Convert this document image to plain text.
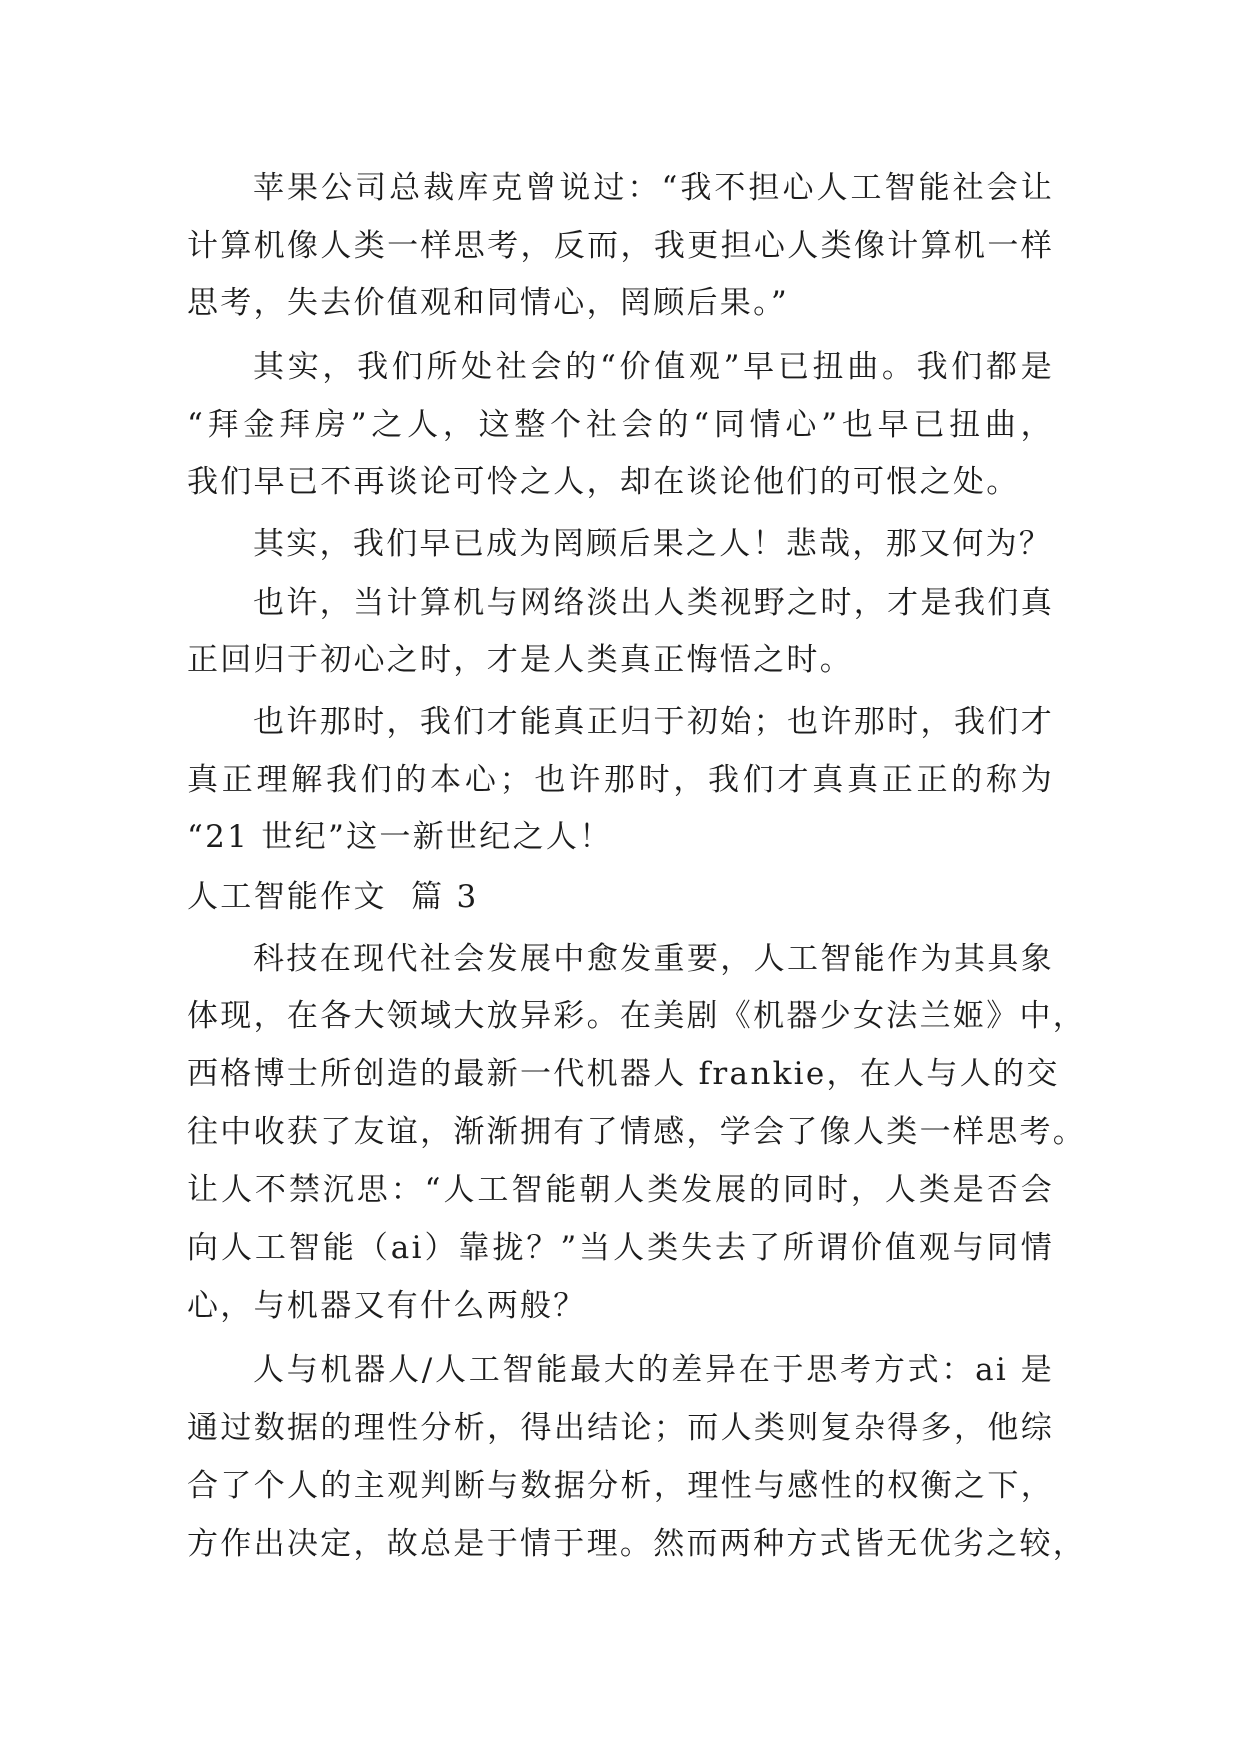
苹果公司总裁库克曾说过：“我不担心人工智能社会让
计算机像人类一样思考，反而，我更担心人类像计算机一样
思考，失去价值观和同情心，罔顾后果。”
其实，我们所处社会的“价值观”早已扭曲。我们都是
“拜金拜房”之人，这整个社会的“同情心”也早已扭曲，
我们早已不再谈论可怜之人，却在谈论他们的可恨之处。
其实，我们早已成为罔顾后果之人！悲哉，那又何为？
也许，当计算机与网络淡出人类视野之时，才是我们真
正回归于初心之时，才是人类真正悔悟之时。
也许那时，我们才能真正归于初始；也许那时，我们才
真正理解我们的本心；也许那时，我们才真真正正的称为
“21 世纪”这一新世纪之人！
人工智能作文  篇 3
科技在现代社会发展中愈发重要，人工智能作为其具象
体现，在各大领域大放异彩。在美剧《机器少女法兰姬》中，
西格博士所创造的最新一代机器人 frankie，在人与人的交
往中收获了友谊，渐渐拥有了情感，学会了像人类一样思考。
让人不禁沉思：“人工智能朝人类发展的同时，人类是否会
向人工智能（ai）靠拢？”当人类失去了所谓价值观与同情
心，与机器又有什么两般？
人与机器人/人工智能最大的差异在于思考方式：ai 是
通过数据的理性分析，得出结论；而人类则复杂得多，他综
合了个人的主观判断与数据分析，理性与感性的权衡之下，
方作出决定，故总是于情于理。然而两种方式皆无优劣之较，
